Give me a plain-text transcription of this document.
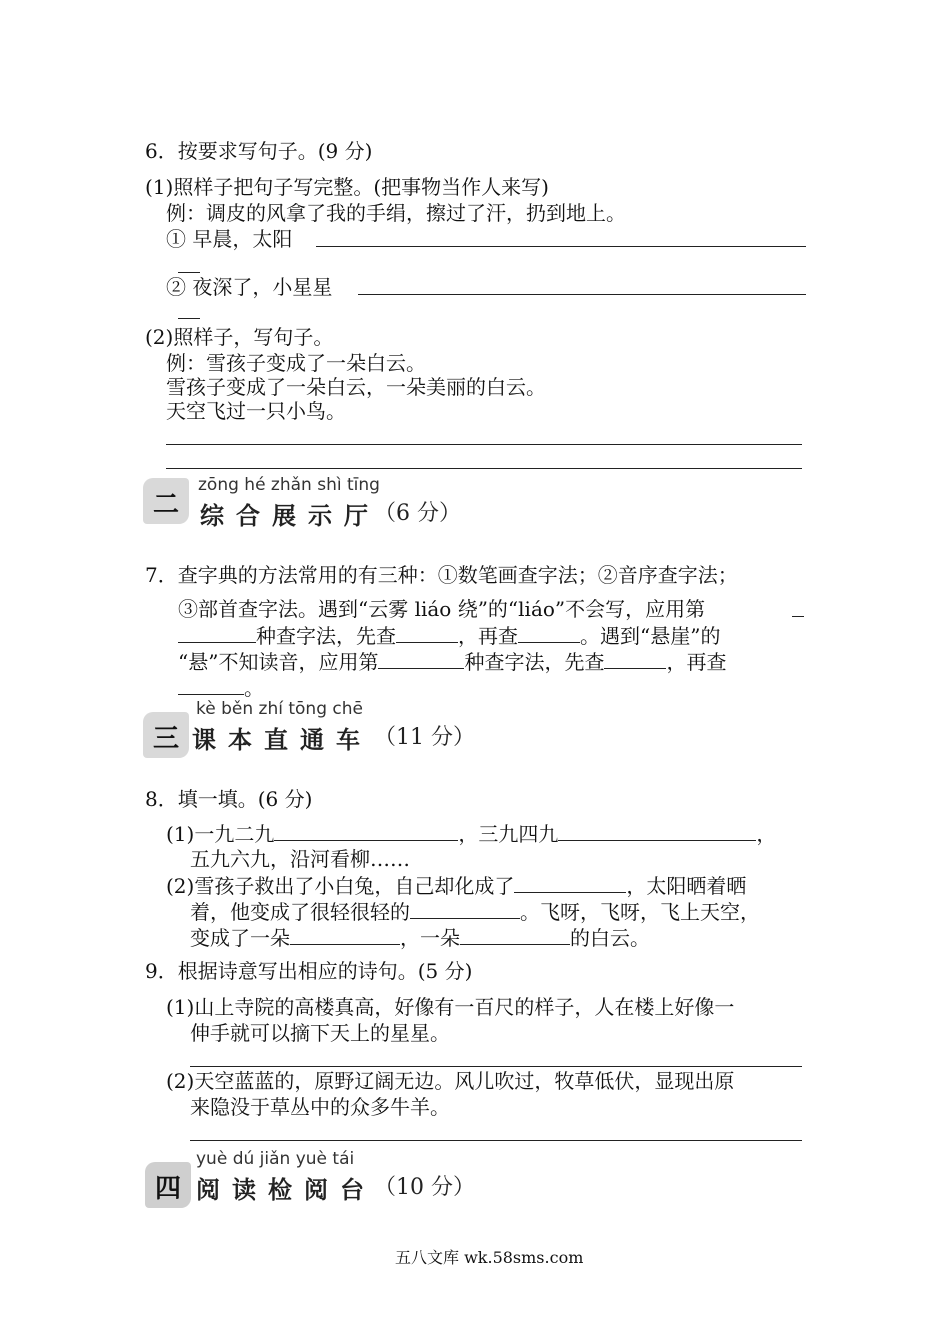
6．按要求写句子。(9 分)
(1)照样子把句子写完整。(把事物当作人来写)
例：调皮的风拿了我的手绢，擦过了汗，扔到地上。
① 早晨，太阳
② 夜深了，小星星
(2)照样子，写句子。
例：雪孩子变成了一朵白云。
雪孩子变成了一朵白云，一朵美丽的白云。
天空飞过一只小鸟。
二
zōng hé zhǎn shì tīng
综合展示厅
（6 分）
7．查字典的方法常用的有三种：①数笔画查字法；②音序查字法；
③部首查字法。遇到“云雾 liáo 绕”的“liáo”不会写，应用第
种查字法，先查	，再查	。遇到“悬崖”的
“悬”不知读音，应用第	种查字法，先查	，再查
。
三
kè běn zhí tōng chē
课本直通车 （11 分）
8．填一填。(6 分)
(1)一九二九	，三九四九	，
五九六九，沿河看柳……
(2)雪孩子救出了小白兔，自己却化成了	，太阳晒着晒
着，他变成了很轻很轻的	。飞呀，飞呀，飞上天空，
变成了一朵	，一朵	的白云。
9．根据诗意写出相应的诗句。(5 分)
(1)山上寺院的高楼真高，好像有一百尺的样子，人在楼上好像一
伸手就可以摘下天上的星星。
(2)天空蓝蓝的，原野辽阔无边。风儿吹过，牧草低伏，显现出原
来隐没于草丛中的众多牛羊。
四
yuè dú jiǎn yuè tái
阅读检阅台
（10 分）
五八文库 wk.58sms.com
